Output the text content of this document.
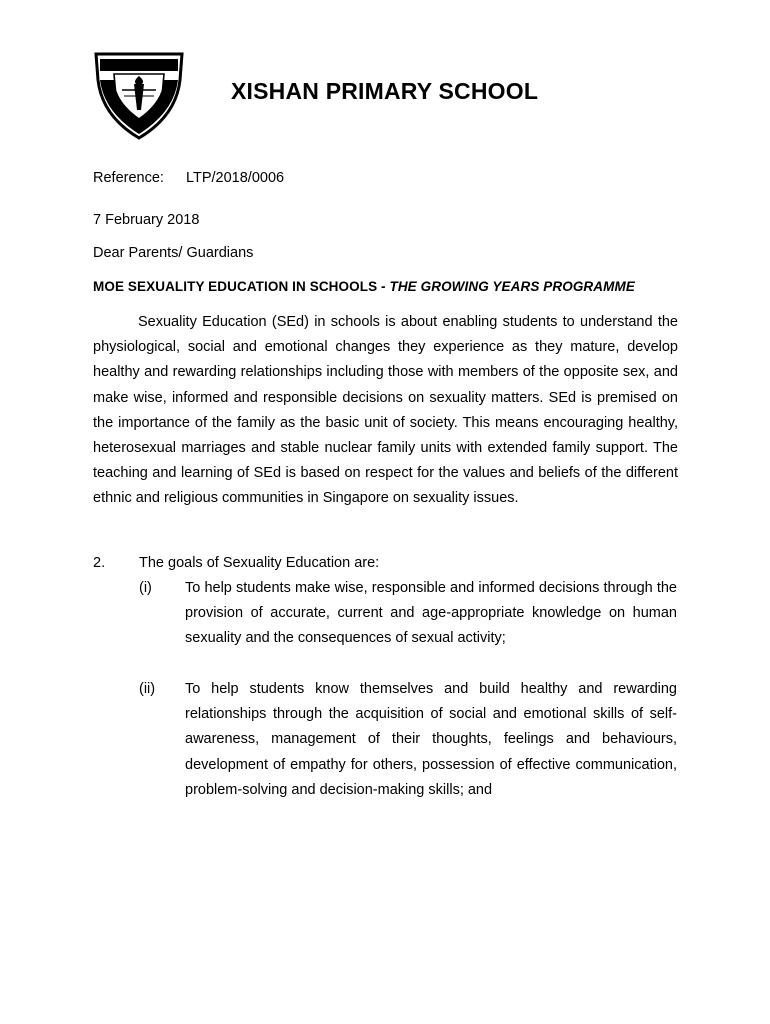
XISHAN PRIMARY SCHOOL
Reference: LTP/2018/0006
7 February 2018
Dear Parents/ Guardians
MOE SEXUALITY EDUCATION IN SCHOOLS - THE GROWING YEARS PROGRAMME

Sexuality Education (SEd) in schools is about enabling students to understand the physiological, social and emotional changes they experience as they mature, develop healthy and rewarding relationships including those with members of the opposite sex, and make wise, informed and responsible decisions on sexuality matters. SEd is premised on the importance of the family as the basic unit of society. This means encouraging healthy, heterosexual marriages and stable nuclear family units with extended family support. The teaching and learning of SEd is based on respect for the values and beliefs of the different ethnic and religious communities in Singapore on sexuality issues.

2. The goals of Sexuality Education are:
(i) To help students make wise, responsible and informed decisions through the provision of accurate, current and age-appropriate knowledge on human sexuality and the consequences of sexual activity;

(ii) To help students know themselves and build healthy and rewarding relationships through the acquisition of social and emotional skills of self-awareness, management of their thoughts, feelings and behaviours, development of empathy for others, possession of effective communication, problem-solving and decision-making skills; and
